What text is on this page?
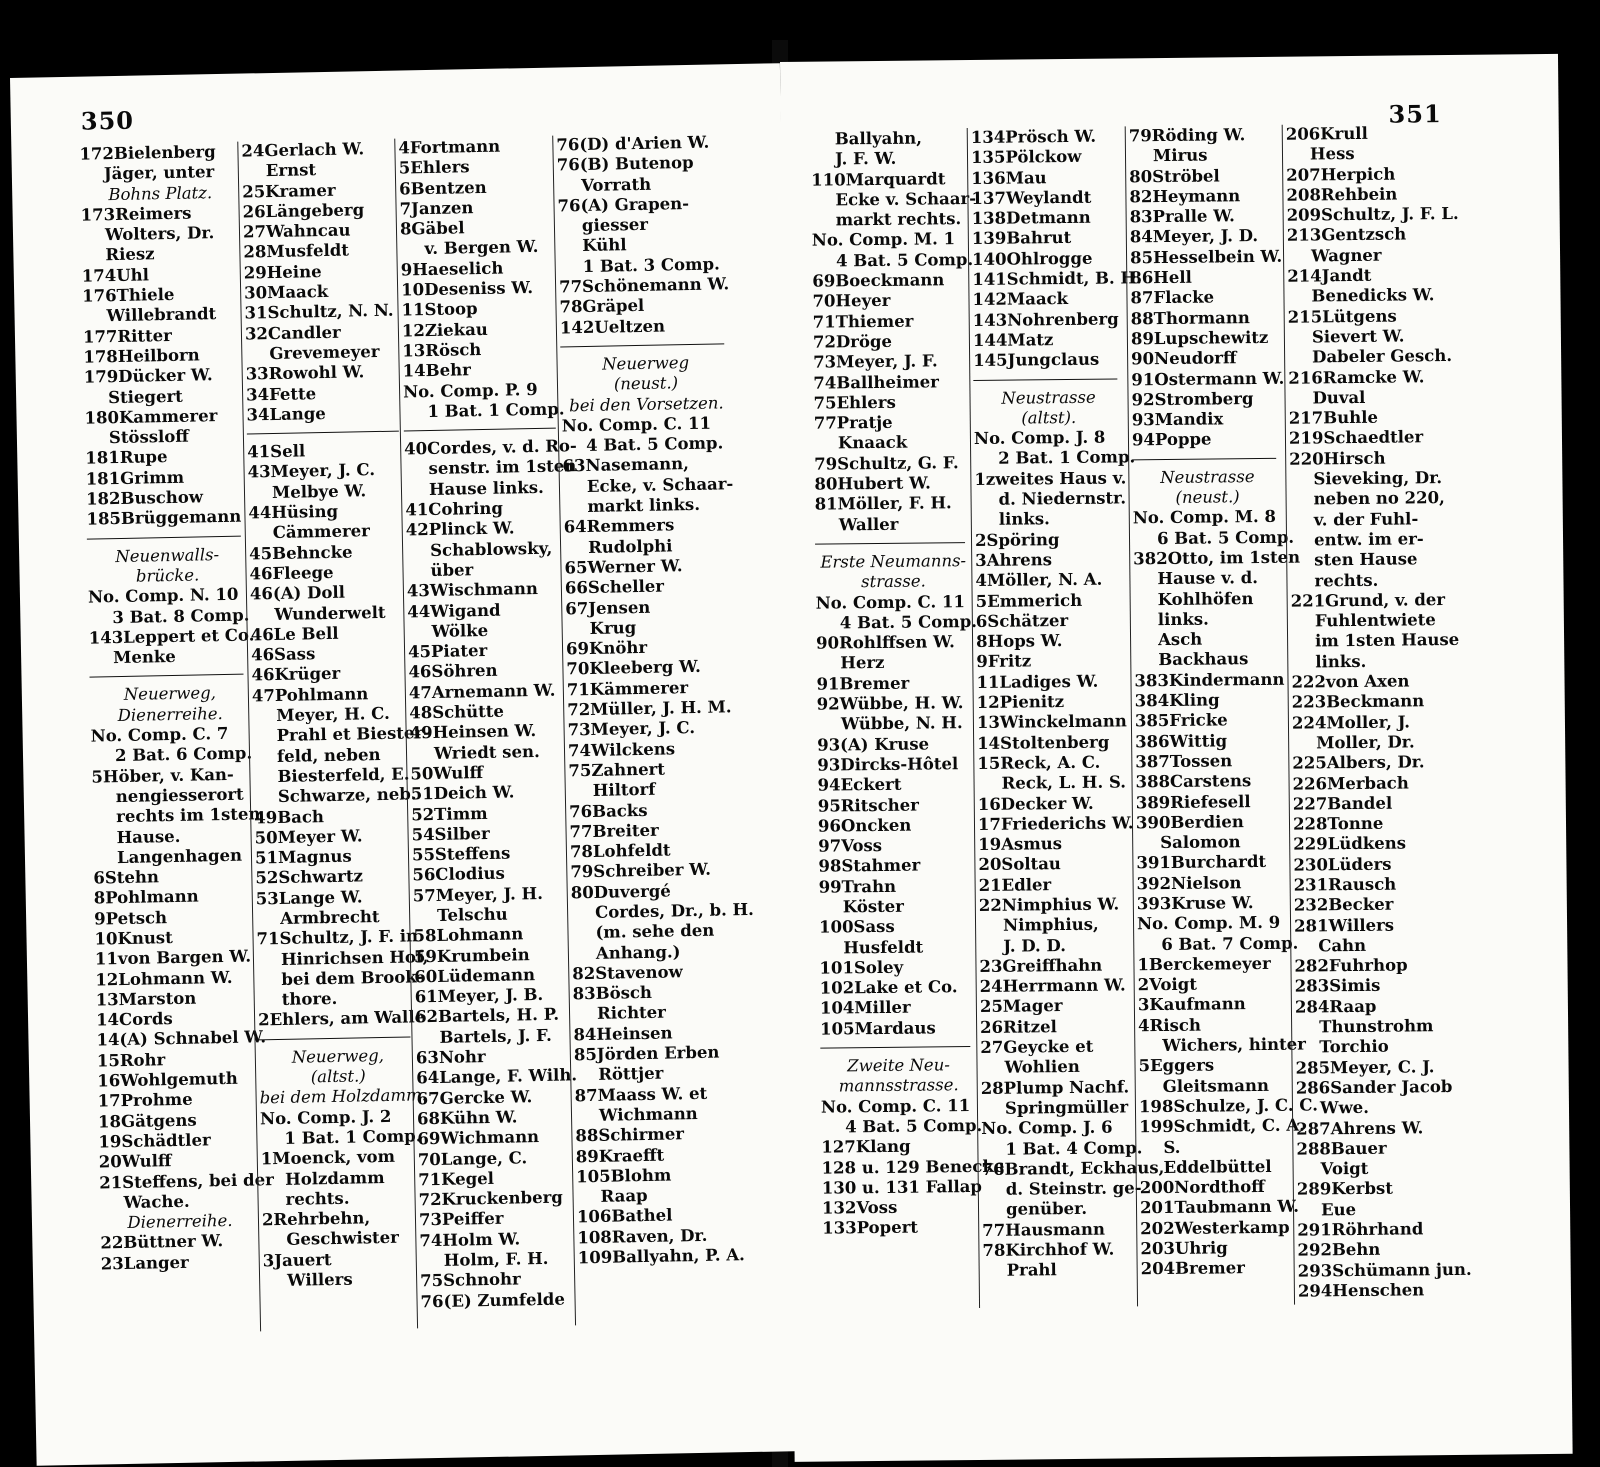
350
172Bielenberg
Jäger, unter
Bohns Platz.
173Reimers
Wolters, Dr.
Riesz
174Uhl
176Thiele
Willebrandt
177Ritter
178Heilborn
179Dücker W.
Stiegert
180Kammerer
Stössloff
181Rupe
181Grimm
182Buschow
185Brüggemann
Neuenwalls-
brücke.
No. Comp. N. 10
3 Bat. 8 Comp.
143Leppert et Co.
Menke
Neuerweg,
Dienerreihe.
No. Comp. C. 7
2 Bat. 6 Comp.
5Höber, v. Kan-
nengiesserort
rechts im 1sten
Hause.
Langenhagen
6Stehn
8Pohlmann
9Petsch
10Knust
11von Bargen W.
12Lohmann W.
13Marston
14Cords
14(A) Schnabel W.
15Rohr
16Wohlgemuth
17Prohme
18Gätgens
19Schädtler
20Wulff
21Steffens, bei der
Wache.
Dienerreihe.
22Büttner W.
23Langer
24Gerlach W.
Ernst
25Kramer
26Längeberg
27Wahncau
28Musfeldt
29Heine
30Maack
31Schultz, N. N.
32Candler
Grevemeyer
33Rowohl W.
34Fette
34Lange
41Sell
43Meyer, J. C.
Melbye W.
44Hüsing
Cämmerer
45Behncke
46Fleege
46(A) Doll
Wunderwelt
46Le Bell
46Sass
46Krüger
47Pohlmann
Meyer, H. C.
Prahl et Biester-
feld, neben
Biesterfeld, E.
Schwarze, neb.
49Bach
50Meyer W.
51Magnus
52Schwartz
53Lange W.
Armbrecht
71Schultz, J. F. in
Hinrichsen Hof,
bei dem Brook-
thore.
2Ehlers, am Walle
Neuerweg,
(altst.)
bei dem Holzdamm.
No. Comp. J. 2
1 Bat. 1 Comp.
1Moenck, vom
Holzdamm
rechts.
2Rehrbehn,
Geschwister
3Jauert
Willers
4Fortmann
5Ehlers
6Bentzen
7Janzen
8Gäbel
v. Bergen W.
9Haeselich
10Deseniss W.
11Stoop
12Ziekau
13Rösch
14Behr
No. Comp. P. 9
1 Bat. 1 Comp.
40Cordes, v. d. Ro-
senstr. im 1sten
Hause links.
41Cohring
42Plinck W.
Schablowsky,
über
43Wischmann
44Wigand
Wölke
45Piater
46Söhren
47Arnemann W.
48Schütte
49Heinsen W.
Wriedt sen.
50Wulff
51Deich W.
52Timm
54Silber
55Steffens
56Clodius
57Meyer, J. H.
Telschu
58Lohmann
59Krumbein
60Lüdemann
61Meyer, J. B.
62Bartels, H. P.
Bartels, J. F.
63Nohr
64Lange, F. Wilh.
67Gercke W.
68Kühn W.
69Wichmann
70Lange, C.
71Kegel
72Kruckenberg
73Peiffer
74Holm W.
Holm, F. H.
75Schnohr
76(E) Zumfelde
76(D) d'Arien W.
76(B) Butenop
Vorrath
76(A) Grapen-
giesser
Kühl
1 Bat. 3 Comp.
77Schönemann W.
78Gräpel
142Ueltzen
Neuerweg
(neust.)
bei den Vorsetzen.
No. Comp. C. 11
4 Bat. 5 Comp.
63Nasemann,
Ecke, v. Schaar-
markt links.
64Remmers
Rudolphi
65Werner W.
66Scheller
67Jensen
Krug
69Knöhr
70Kleeberg W.
71Kämmerer
72Müller, J. H. M.
73Meyer, J. C.
74Wilckens
75Zahnert
Hiltorf
76Backs
77Breiter
78Lohfeldt
79Schreiber W.
80Duvergé
Cordes, Dr., b. H.
(m. sehe den
Anhang.)
82Stavenow
83Bösch
Richter
84Heinsen
85Jörden Erben
Röttjer
87Maass W. et
Wichmann
88Schirmer
89Kraefft
105Blohm
Raap
106Bathel
108Raven, Dr.
109Ballyahn, P. A.
351
Ballyahn,
J. F. W.
110Marquardt
Ecke v. Schaar-
markt rechts.
No. Comp. M. 1
4 Bat. 5 Comp.
69Boeckmann
70Heyer
71Thiemer
72Dröge
73Meyer, J. F.
74Ballheimer
75Ehlers
77Pratje
Knaack
79Schultz, G. F.
80Hubert W.
81Möller, F. H.
Waller
Erste Neumanns-
strasse.
No. Comp. C. 11
4 Bat. 5 Comp.
90Rohlffsen W.
Herz
91Bremer
92Wübbe, H. W.
Wübbe, N. H.
93(A) Kruse
93Dircks-Hôtel
94Eckert
95Ritscher
96Oncken
97Voss
98Stahmer
99Trahn
Köster
100Sass
Husfeldt
101Soley
102Lake et Co.
104Miller
105Mardaus
Zweite Neu-
mannsstrasse.
No. Comp. C. 11
4 Bat. 5 Comp.
127Klang
128 u. 129 Benecke
130 u. 131 Fallap
132Voss
133Popert
134Prösch W.
135Pölckow
136Mau
137Weylandt
138Detmann
139Bahrut
140Ohlrogge
141Schmidt, B. H.
142Maack
143Nohrenberg
144Matz
145Jungclaus
Neustrasse
(altst).
No. Comp. J. 8
2 Bat. 1 Comp.
1zweites Haus v.
d. Niedernstr.
links.
2Spöring
3Ahrens
4Möller, N. A.
5Emmerich
6Schätzer
8Hops W.
9Fritz
11Ladiges W.
12Pienitz
13Winckelmann
14Stoltenberg
15Reck, A. C.
Reck, L. H. S.
16Decker W.
17Friederichs W.
19Asmus
20Soltau
21Edler
22Nimphius W.
Nimphius,
J. D. D.
23Greiffhahn
24Herrmann W.
25Mager
26Ritzel
27Geycke et
Wohlien
28Plump Nachf.
Springmüller
No. Comp. J. 6
1 Bat. 4 Comp.
76Brandt, Eckhaus,
d. Steinstr. ge-
genüber.
77Hausmann
78Kirchhof W.
Prahl
79Röding W.
Mirus
80Ströbel
82Heymann
83Pralle W.
84Meyer, J. D.
85Hesselbein W.
86Hell
87Flacke
88Thormann
89Lupschewitz
90Neudorff
91Ostermann W.
92Stromberg
93Mandix
94Poppe
Neustrasse
(neust.)
No. Comp. M. 8
6 Bat. 5 Comp.
382Otto, im 1sten
Hause v. d.
Kohlhöfen
links.
Asch
Backhaus
383Kindermann
384Kling
385Fricke
386Wittig
387Tossen
388Carstens
389Riefesell
390Berdien
Salomon
391Burchardt
392Nielson
393Kruse W.
No. Comp. M. 9
6 Bat. 7 Comp.
1Berckemeyer
2Voigt
3Kaufmann
4Risch
Wichers, hinter
5Eggers
Gleitsmann
198Schulze, J. C. C.
199Schmidt, C. A.
S.
Eddelbüttel
200Nordthoff
201Taubmann W.
202Westerkamp
203Uhrig
204Bremer
206Krull
Hess
207Herpich
208Rehbein
209Schultz, J. F. L.
213Gentzsch
Wagner
214Jandt
Benedicks W.
215Lütgens
Sievert W.
Dabeler Gesch.
216Ramcke W.
Duval
217Buhle
219Schaedtler
220Hirsch
Sieveking, Dr.
neben no 220,
v. der Fuhl-
entw. im er-
sten Hause
rechts.
221Grund, v. der
Fuhlentwiete
im 1sten Hause
links.
222von Axen
223Beckmann
224Moller, J.
Moller, Dr.
225Albers, Dr.
226Merbach
227Bandel
228Tonne
229Lüdkens
230Lüders
231Rausch
232Becker
281Willers
Cahn
282Fuhrhop
283Simis
284Raap
Thunstrohm
Torchio
285Meyer, C. J.
286Sander Jacob
Wwe.
287Ahrens W.
288Bauer
Voigt
289Kerbst
Eue
291Röhrhand
292Behn
293Schümann jun.
294Henschen
